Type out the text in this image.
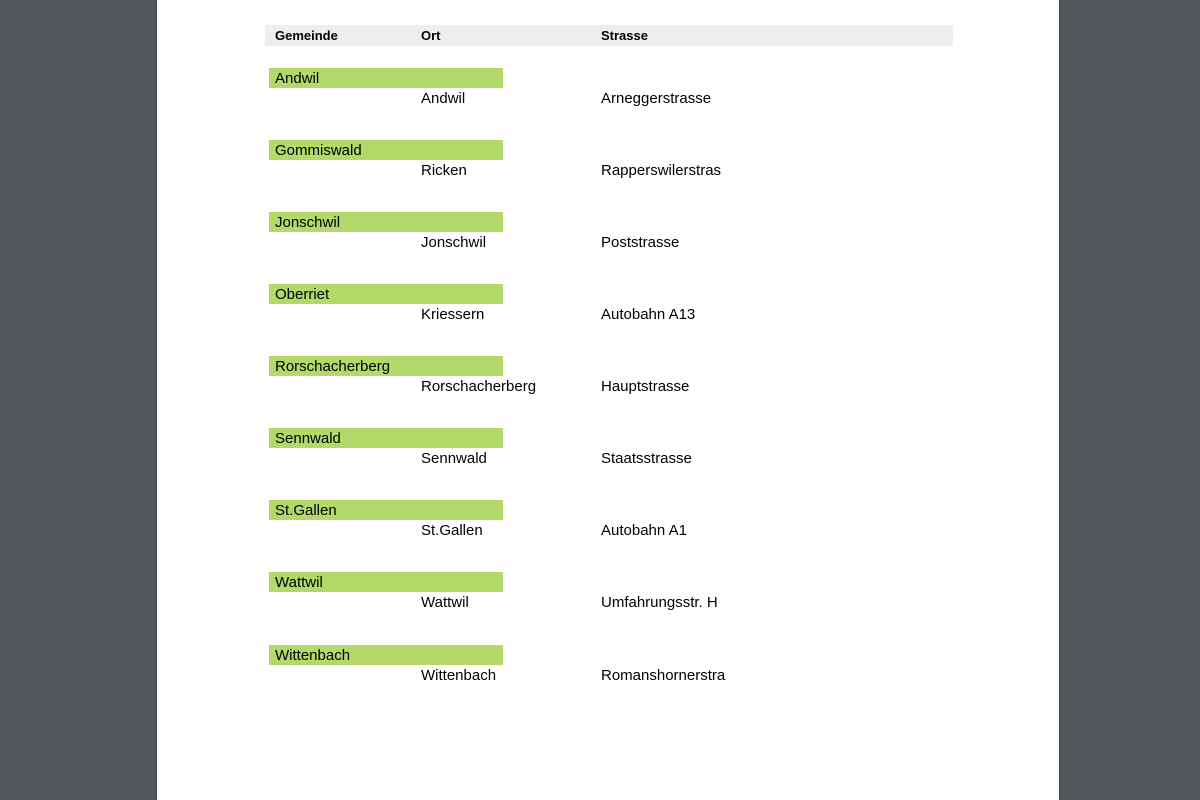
Gemeinde	Ort	Strasse
Andwil
Andwil	Arneggerstrasse
Gommiswald
Ricken	Rapperswilerstras
Jonschwil
Jonschwil	Poststrasse
Oberriet
Kriessern	Autobahn A13
Rorschacherberg
Rorschacherberg	Hauptstrasse
Sennwald
Sennwald	Staatsstrasse
St.Gallen
St.Gallen	Autobahn A1
Wattwil
Wattwil	Umfahrungsstr. H
Wittenbach
Wittenbach	Romanshornerstra
